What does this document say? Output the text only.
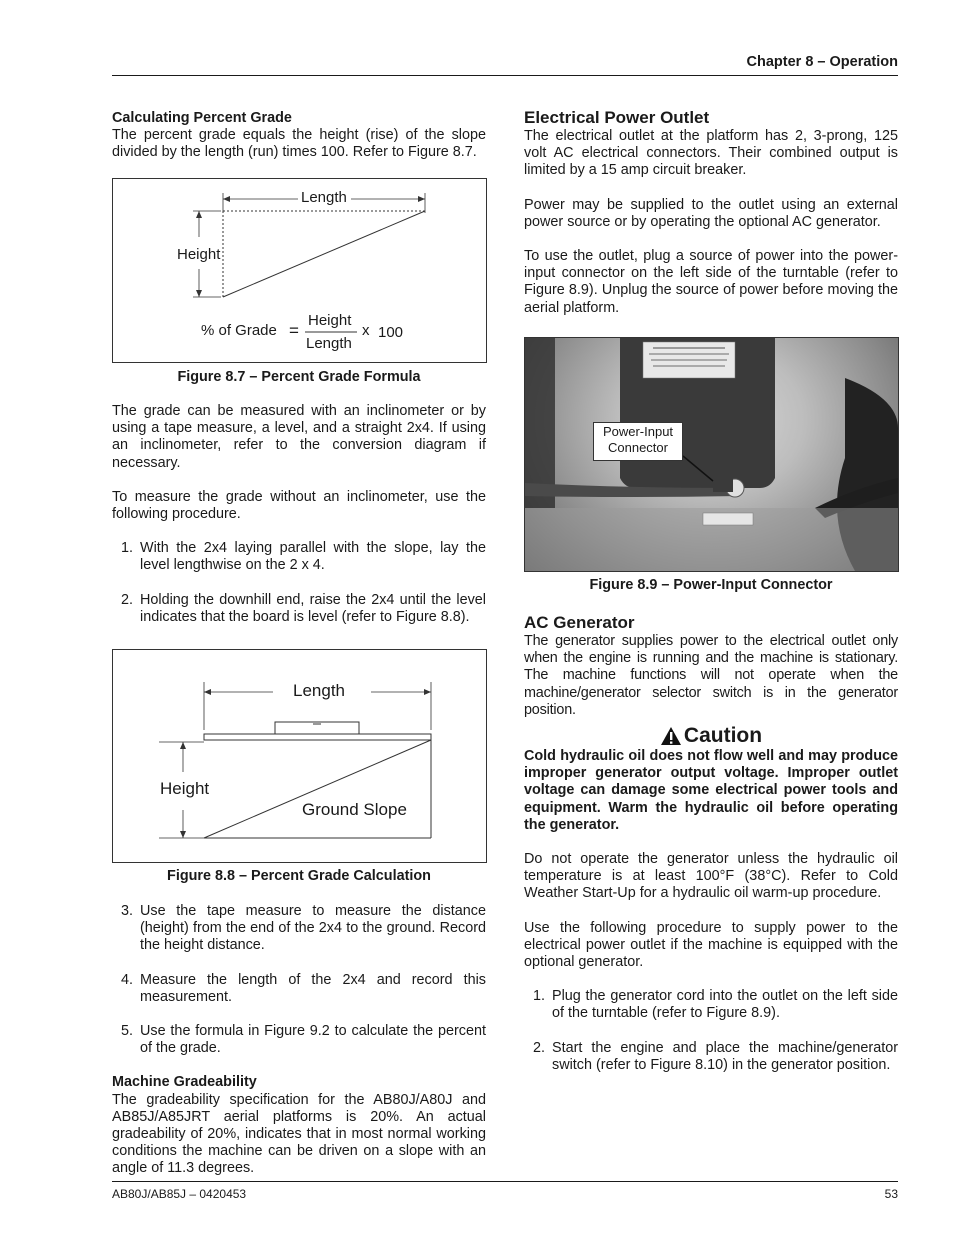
Chapter 8 – Operation
Calculating Percent Grade

The percent grade equals the height (rise) of the slope divided by the length (run) times 100. Refer to Figure 8.7.

Length
Height
% of Grade =
Height
Length
x 100
Figure 8.7 – Percent Grade Formula

The grade can be measured with an inclinometer or by using a tape measure, a level, and a straight 2x4. If using an inclinometer, refer to the conversion diagram if necessary.

To measure the grade without an inclinometer, use the following procedure.

1. With the 2x4 laying parallel with the slope, lay the level lengthwise on the 2 x 4.
2. Holding the downhill end, raise the 2x4 until the level indicates that the board is level (refer to Figure 8.8).
Length
Height
Ground Slope
Figure 8.8 – Percent Grade Calculation
3. Use the tape measure to measure the distance (height) from the end of the 2x4 to the ground. Record the height distance.
4. Measure the length of the 2x4 and record this measurement.
5. Use the formula in Figure 9.2 to calculate the percent of the grade.
Machine Gradeability

The gradeability specification for the AB80J/A80J and AB85J/A85JRT aerial platforms is 20%. An actual gradeability of 20%, indicates that in most normal working conditions the machine can be driven on a slope with an angle of 11.3 degrees.

Electrical Power Outlet

The electrical outlet at the platform has 2, 3-prong, 125 volt AC electrical connectors. Their combined output is limited by a 15 amp circuit breaker.

Power may be supplied to the outlet using an external power source or by operating the optional AC generator.

To use the outlet, plug a source of power into the power-input connector on the left side of the turntable (refer to Figure 8.9). Unplug the source of power before moving the aerial platform.

Power-Input
Connector
Figure 8.9 – Power-Input Connector
AC Generator

The generator supplies power to the electrical outlet only when the engine is running and the machine is stationary. The machine functions will not operate when the machine/generator selector switch is in the generator position.

Caution

Cold hydraulic oil does not flow well and may produce improper generator output voltage. Improper outlet voltage can damage some electrical power tools and equipment. Warm the hydraulic oil before operating the generator.

Do not operate the generator unless the hydraulic oil temperature is at least 100°F (38°C). Refer to Cold Weather Start-Up for a hydraulic oil warm-up procedure.

Use the following procedure to supply power to the electrical power outlet if the machine is equipped with the optional generator.

1. Plug the generator cord into the outlet on the left side of the turntable (refer to Figure 8.9).
2. Start the engine and place the machine/generator switch (refer to Figure 8.10) in the generator position.
AB80J/AB85J – 0420453	53
